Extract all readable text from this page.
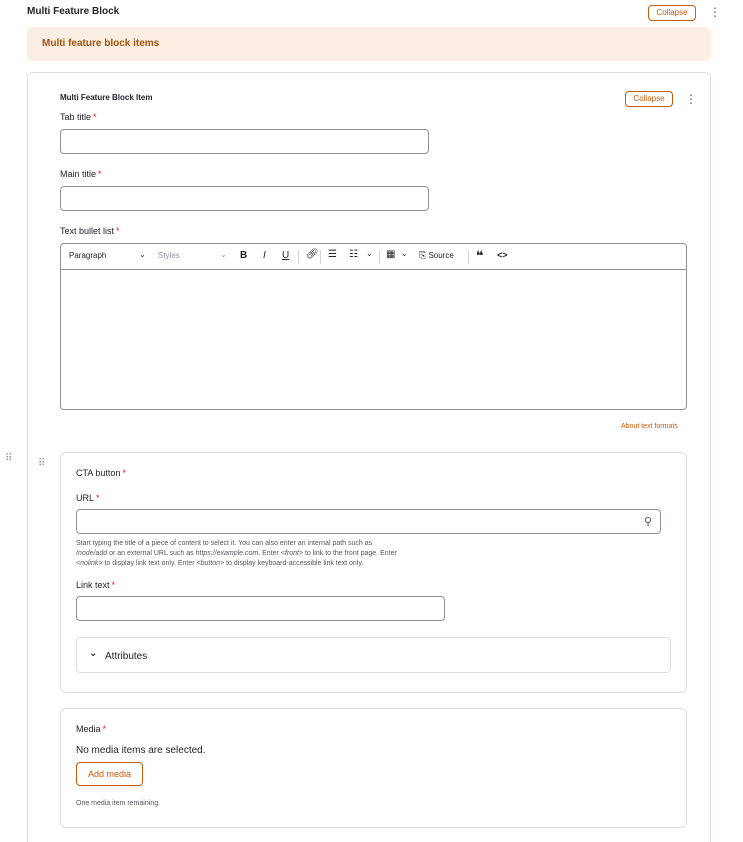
Multi Feature Block	Collapse	⋮
Multi feature block items
⠿	⠿
Multi Feature Block Item	Collapse	⋮
Tab title *
Main title *
Text bullet list *
Paragraph	⌄ Styles	⌄ B I U 🔗︎ ☰ ☷ ⌄ ▦ ⌄ ⎘ Source ❝ <>
About text formats
CTA button *
URL *
⚲
Start typing the title of a piece of content to select it. You can also enter an internal path such as
/node/add or an external URL such as https://example.com. Enter <front> to link to the front page. Enter
<nolink> to display link text only. Enter <button> to display keyboard-accessible link text only.
Link text *
⌄ Attributes
Media *
No media items are selected.
Add media
One media item remaining.
